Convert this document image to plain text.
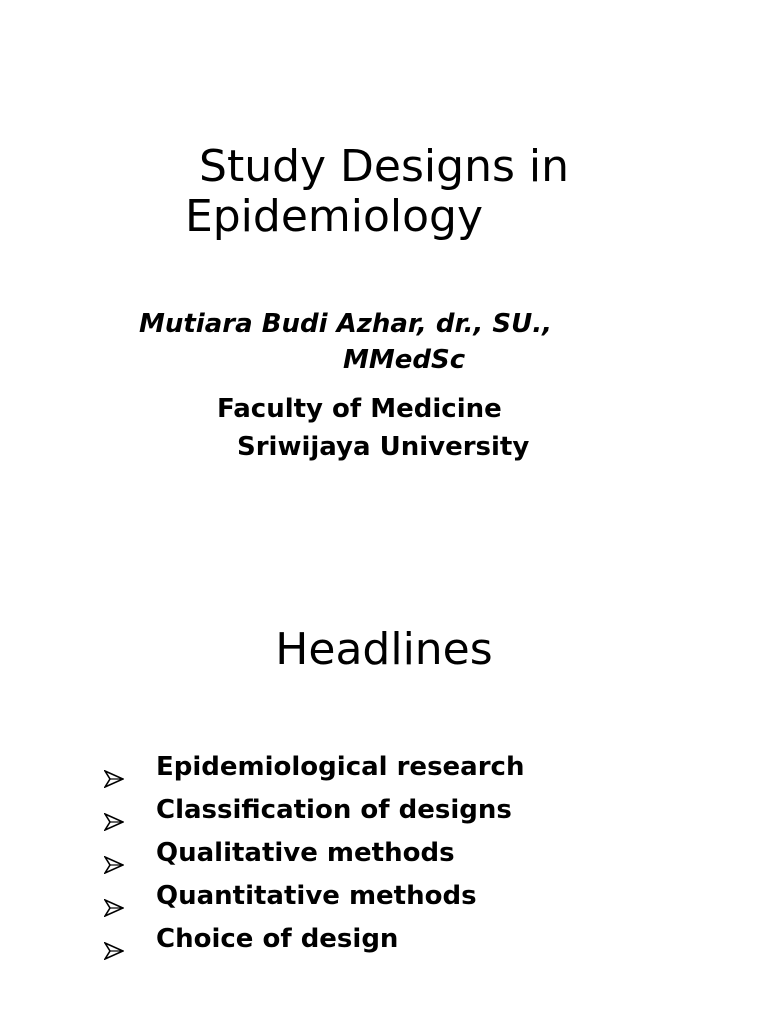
Study Designs in
Epidemiology

Mutiara Budi Azhar, dr., SU.,
MMedSc

Faculty of Medicine
Sriwijaya University

Headlines
Epidemiological research
Classification of designs
Qualitative methods
Quantitative methods
Choice of design
